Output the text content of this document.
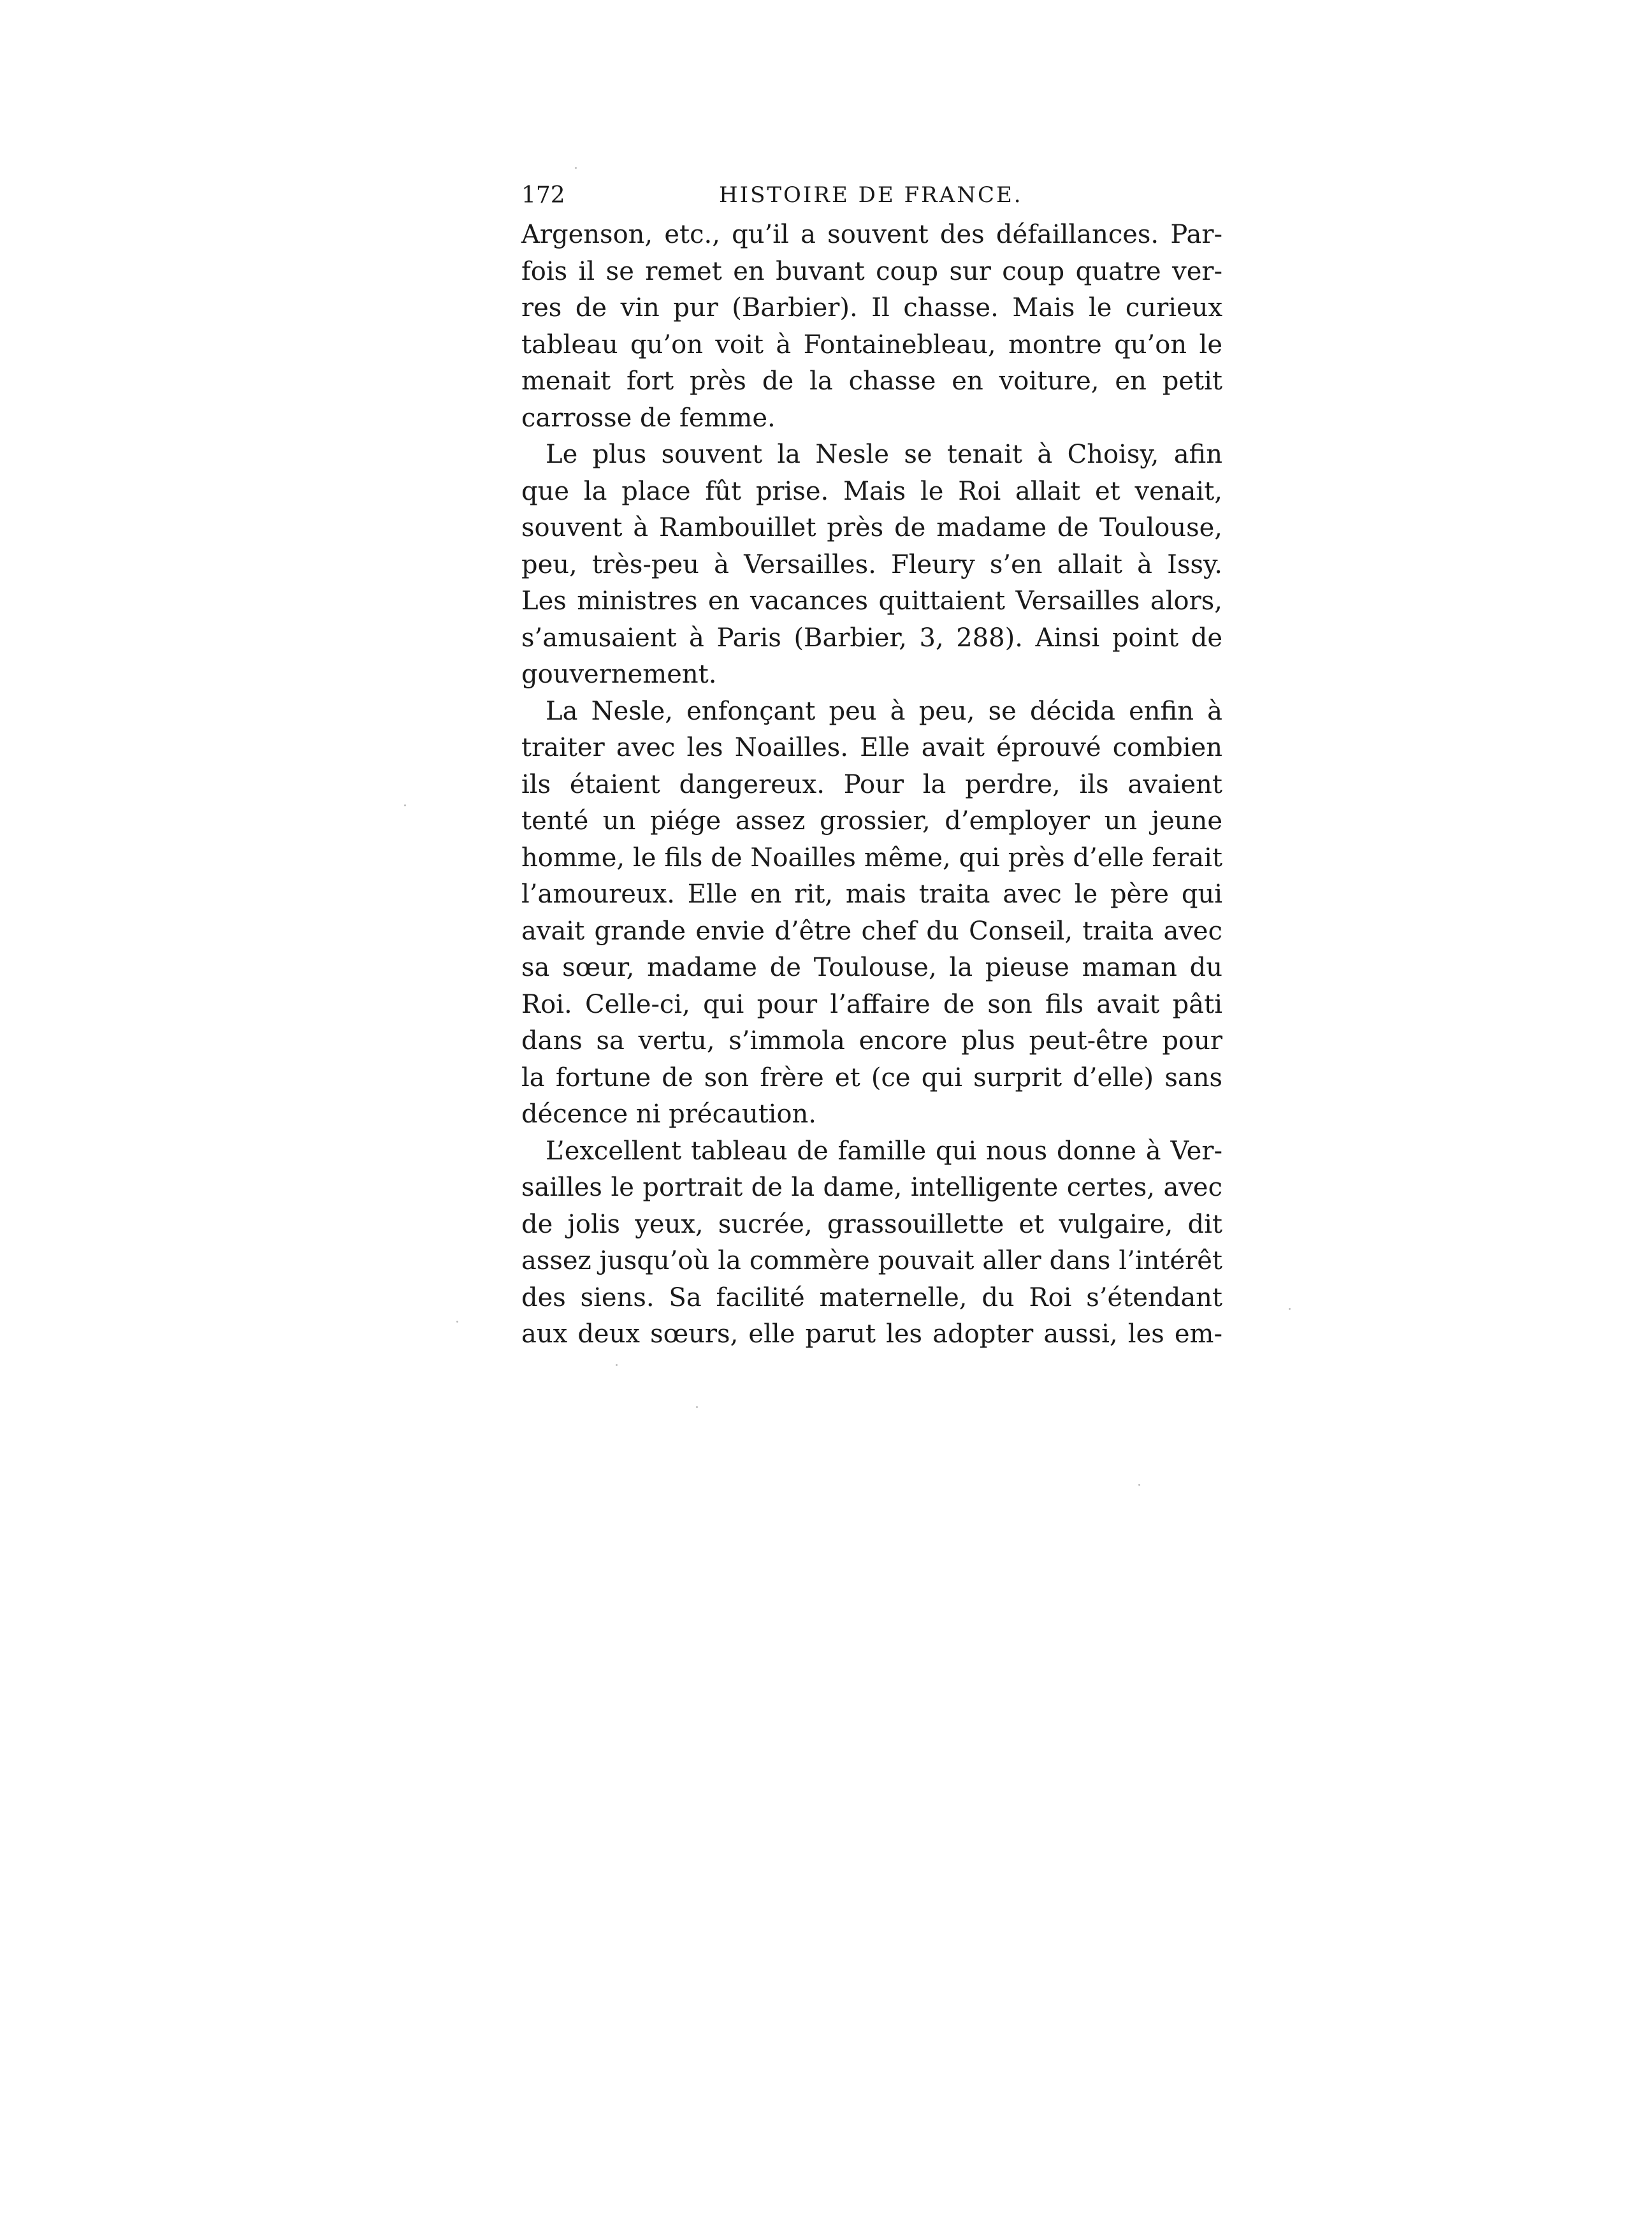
172	HISTOIRE DE FRANCE.
Argenson, etc., qu’il a souvent des défaillances. Par-
fois il se remet en buvant coup sur coup quatre ver-
res de vin pur (Barbier). Il chasse. Mais le curieux
tableau qu’on voit à Fontainebleau, montre qu’on le
menait fort près de la chasse en voiture, en petit
carrosse de femme.
Le plus souvent la Nesle se tenait à Choisy, afin
que la place fût prise. Mais le Roi allait et venait,
souvent à Rambouillet près de madame de Toulouse,
peu, très-peu à Versailles. Fleury s’en allait à Issy.
Les ministres en vacances quittaient Versailles alors,
s’amusaient à Paris (Barbier, 3, 288). Ainsi point de
gouvernement.
La Nesle, enfonçant peu à peu, se décida enfin à
traiter avec les Noailles. Elle avait éprouvé combien
ils étaient dangereux. Pour la perdre, ils avaient
tenté un piége assez grossier, d’employer un jeune
homme, le fils de Noailles même, qui près d’elle ferait
l’amoureux. Elle en rit, mais traita avec le père qui
avait grande envie d’être chef du Conseil, traita avec
sa sœur, madame de Toulouse, la pieuse maman du
Roi. Celle-ci, qui pour l’affaire de son fils avait pâti
dans sa vertu, s’immola encore plus peut-être pour
la fortune de son frère et (ce qui surprit d’elle) sans
décence ni précaution.
L’excellent tableau de famille qui nous donne à Ver-
sailles le portrait de la dame, intelligente certes, avec
de jolis yeux, sucrée, grassouillette et vulgaire, dit
assez jusqu’où la commère pouvait aller dans l’intérêt
des siens. Sa facilité maternelle, du Roi s’étendant
aux deux sœurs, elle parut les adopter aussi, les em-
